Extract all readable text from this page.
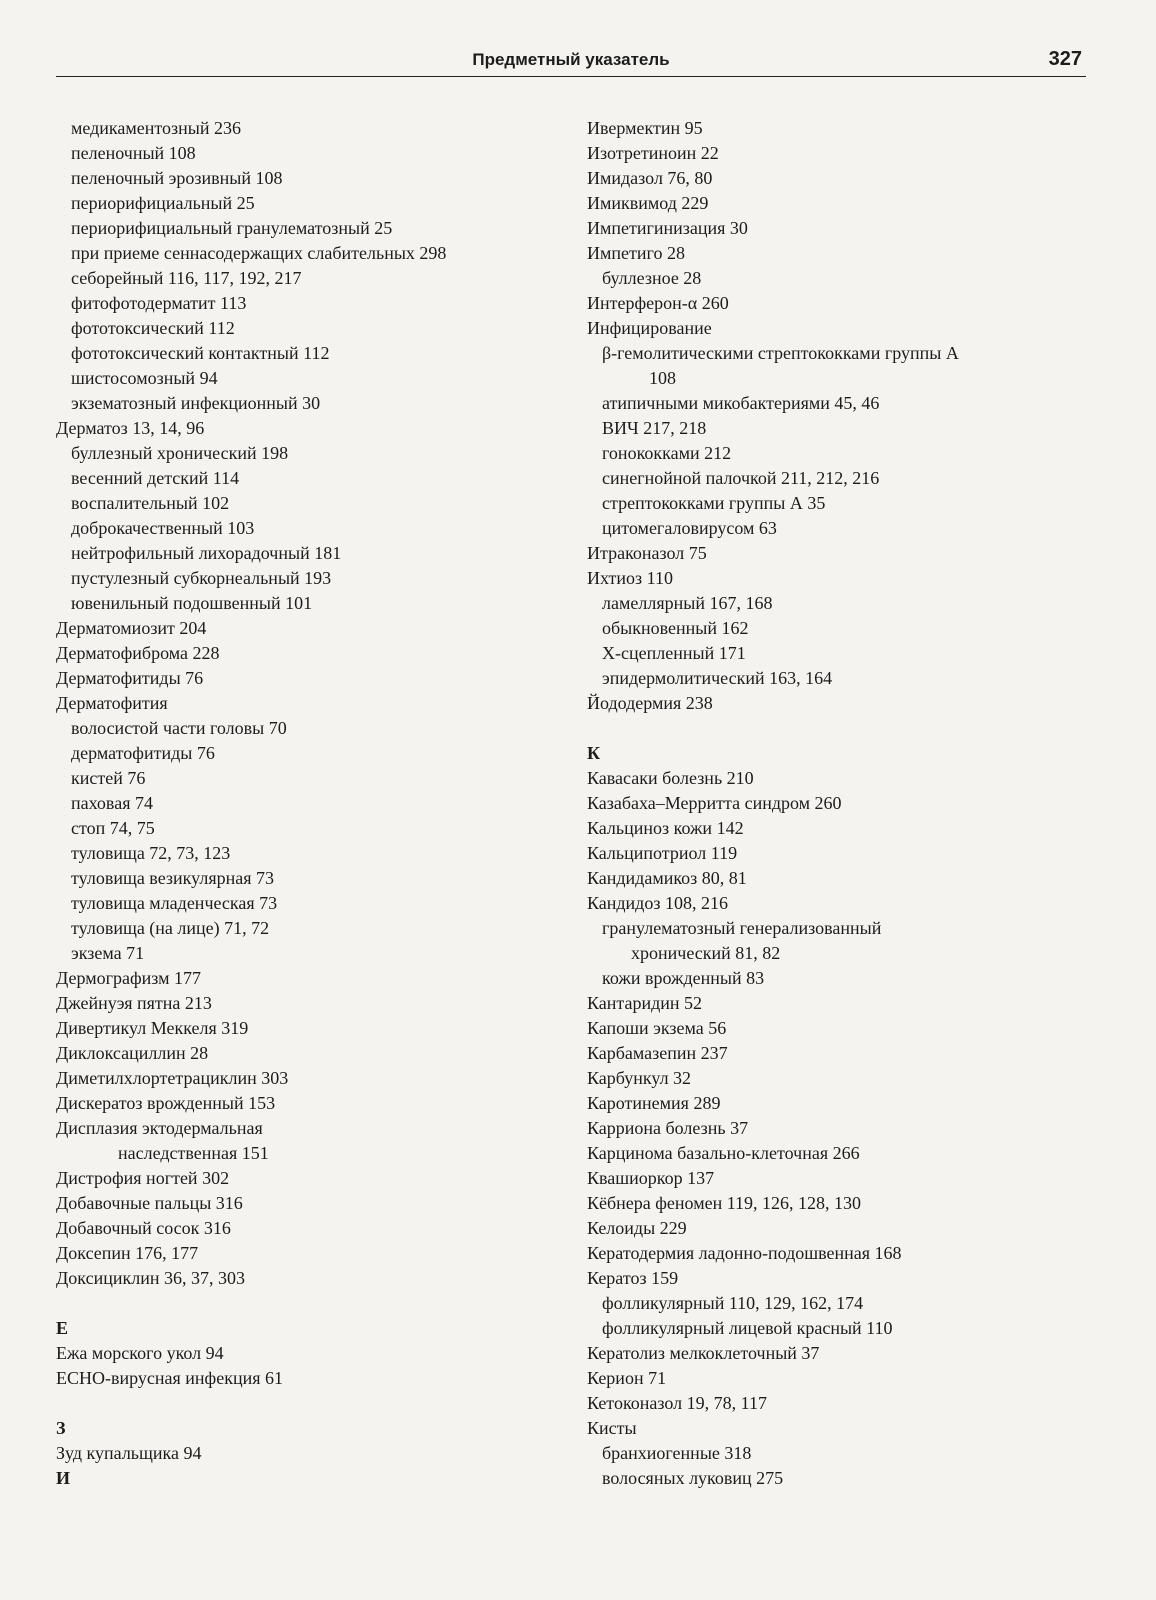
Предметный указатель	327
медикаментозный 236
пеленочный 108
пеленочный эрозивный 108
периорифициальный 25
периорифициальный гранулематозный 25
при приеме сеннасодержащих слабительных 298
себорейный 116, 117, 192, 217
фитофотодерматит 113
фототоксический 112
фототоксический контактный 112
шистосомозный 94
экзематозный инфекционный 30
Дерматоз 13, 14, 96
буллезный хронический 198
весенний детский 114
воспалительный 102
доброкачественный 103
нейтрофильный лихорадочный 181
пустулезный субкорнеальный 193
ювенильный подошвенный 101
Дерматомиозит 204
Дерматофиброма 228
Дерматофитиды 76
Дерматофития
волосистой части головы 70
дерматофитиды 76
кистей 76
паховая 74
стоп 74, 75
туловища 72, 73, 123
туловища везикулярная 73
туловища младенческая 73
туловища (на лице) 71, 72
экзема 71
Дермографизм 177
Джейнуэя пятна 213
Дивертикул Меккеля 319
Диклоксациллин 28
Диметилхлортетрациклин 303
Дискератоз врожденный 153
Дисплазия эктодермальная
наследственная 151
Дистрофия ногтей 302
Добавочные пальцы 316
Добавочный сосок 316
Доксепин 176, 177
Доксициклин 36, 37, 303
Е
Ежа морского укол 94
ECHO-вирусная инфекция 61
З
Зуд купальщика 94
И
Ивермектин 95
Изотретиноин 22
Имидазол 76, 80
Имиквимод 229
Импетигинизация 30
Импетиго 28
буллезное 28
Интерферон-α 260
Инфицирование
β-гемолитическими стрептококками группы А
108
атипичными микобактериями 45, 46
ВИЧ 217, 218
гонококками 212
синегнойной палочкой 211, 212, 216
стрептококками группы А 35
цитомегаловирусом 63
Итраконазол 75
Ихтиоз 110
ламеллярный 167, 168
обыкновенный 162
Х-сцепленный 171
эпидермолитический 163, 164
Йододермия 238
К
Кавасаки болезнь 210
Казабаха–Мерритта синдром 260
Кальциноз кожи 142
Кальципотриол 119
Кандидамикоз 80, 81
Кандидоз 108, 216
гранулематозный генерализованный
хронический 81, 82
кожи врожденный 83
Кантаридин 52
Капоши экзема 56
Карбамазепин 237
Карбункул 32
Каротинемия 289
Карриона болезнь 37
Карцинома базально-клеточная 266
Квашиоркор 137
Кёбнера феномен 119, 126, 128, 130
Келоиды 229
Кератодермия ладонно-подошвенная 168
Кератоз 159
фолликулярный 110, 129, 162, 174
фолликулярный лицевой красный 110
Кератолиз мелкоклеточный 37
Керион 71
Кетоконазол 19, 78, 117
Кисты
бранхиогенные 318
волосяных луковиц 275
